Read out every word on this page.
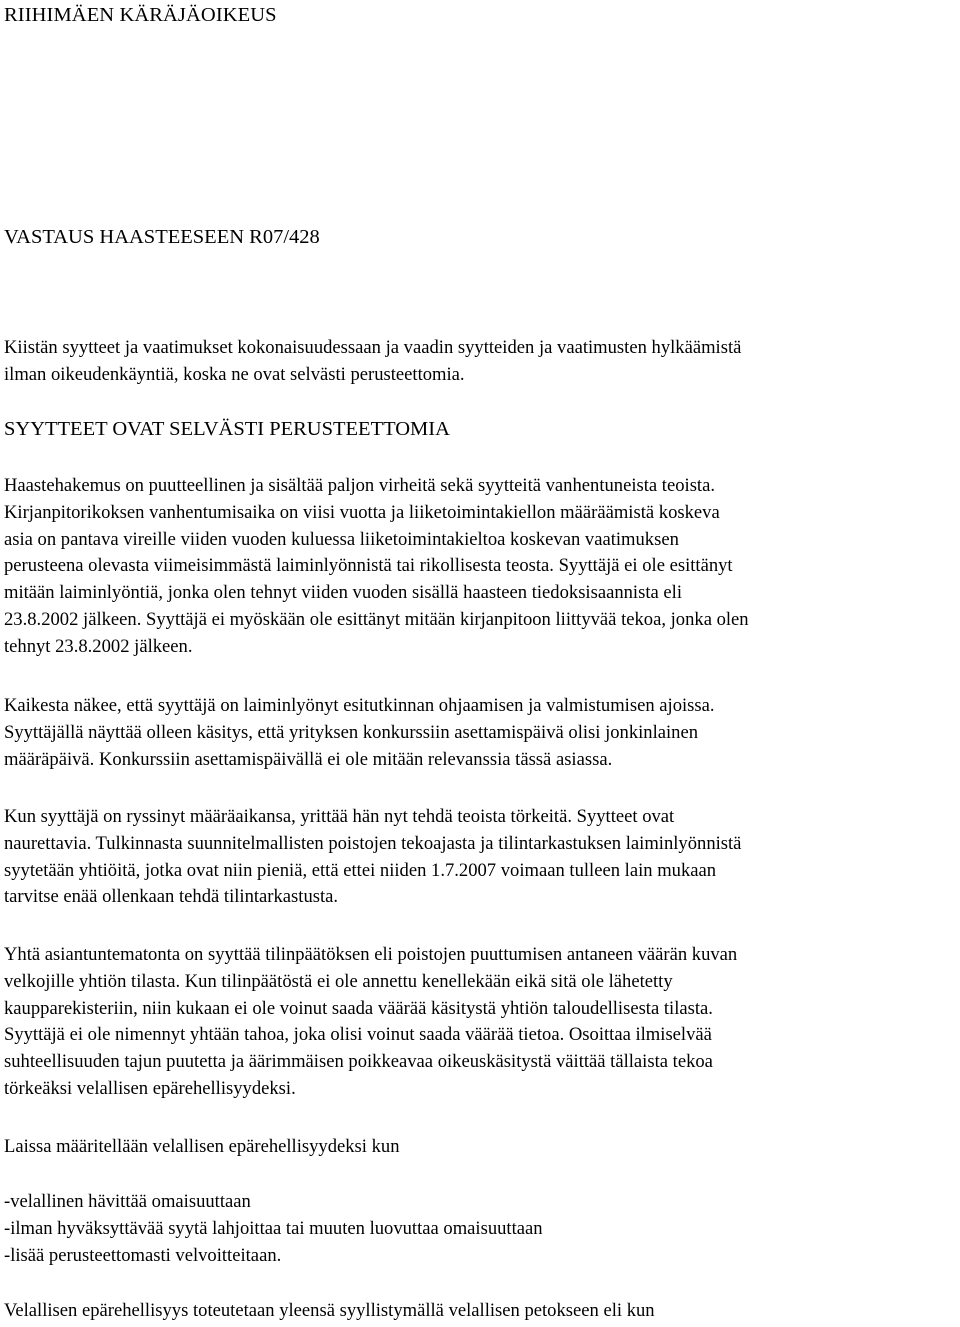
RIIHIMÄEN KÄRÄJÄOIKEUS
VASTAUS HAASTEESEEN R07/428

Kiistän syytteet ja vaatimukset kokonaisuudessaan ja vaadin syytteiden ja vaatimusten hylkäämistä
ilman oikeudenkäyntiä, koska ne ovat selvästi perusteettomia.

SYYTTEET OVAT SELVÄSTI PERUSTEETTOMIA

Haastehakemus on puutteellinen ja sisältää paljon virheitä sekä syytteitä vanhentuneista teoista.
Kirjanpitorikoksen vanhentumisaika on viisi vuotta ja liiketoimintakiellon määräämistä koskeva
asia on pantava vireille viiden vuoden kuluessa liiketoimintakieltoa koskevan vaatimuksen
perusteena olevasta viimeisimmästä laiminlyönnistä tai rikollisesta teosta. Syyttäjä ei ole esittänyt
mitään laiminlyöntiä, jonka olen tehnyt viiden vuoden sisällä haasteen tiedoksisaannista eli
23.8.2002 jälkeen. Syyttäjä ei myöskään ole esittänyt mitään kirjanpitoon liittyvää tekoa, jonka olen
tehnyt 23.8.2002 jälkeen.

Kaikesta näkee, että syyttäjä on laiminlyönyt esitutkinnan ohjaamisen ja valmistumisen ajoissa.
Syyttäjällä näyttää olleen käsitys, että yrityksen konkurssiin asettamispäivä olisi jonkinlainen
määräpäivä. Konkurssiin asettamispäivällä ei ole mitään relevanssia tässä asiassa.

Kun syyttäjä on ryssinyt määräaikansa, yrittää hän nyt tehdä teoista törkeitä. Syytteet ovat
naurettavia. Tulkinnasta suunnitelmallisten poistojen tekoajasta ja tilintarkastuksen laiminlyönnistä
syytetään yhtiöitä, jotka ovat niin pieniä, että ettei niiden 1.7.2007 voimaan tulleen lain mukaan
tarvitse enää ollenkaan tehdä tilintarkastusta.

Yhtä asiantuntematonta on syyttää tilinpäätöksen eli poistojen puuttumisen antaneen väärän kuvan
velkojille yhtiön tilasta. Kun tilinpäätöstä ei ole annettu kenellekään eikä sitä ole lähetetty
kaupparekisteriin, niin kukaan ei ole voinut saada väärää käsitystä yhtiön taloudellisesta tilasta.
Syyttäjä ei ole nimennyt yhtään tahoa, joka olisi voinut saada väärää tietoa. Osoittaa ilmiselvää
suhteellisuuden tajun puutetta ja äärimmäisen poikkeavaa oikeuskäsitystä väittää tällaista tekoa
törkeäksi velallisen epärehellisyydeksi.

Laissa määritellään velallisen epärehellisyydeksi kun

-velallinen hävittää omaisuuttaan
-ilman hyväksyttävää syytä lahjoittaa tai muuten luovuttaa omaisuuttaan
-lisää perusteettomasti velvoitteitaan.

Velallisen epärehellisyys toteutetaan yleensä syyllistymällä velallisen petokseen eli kun
